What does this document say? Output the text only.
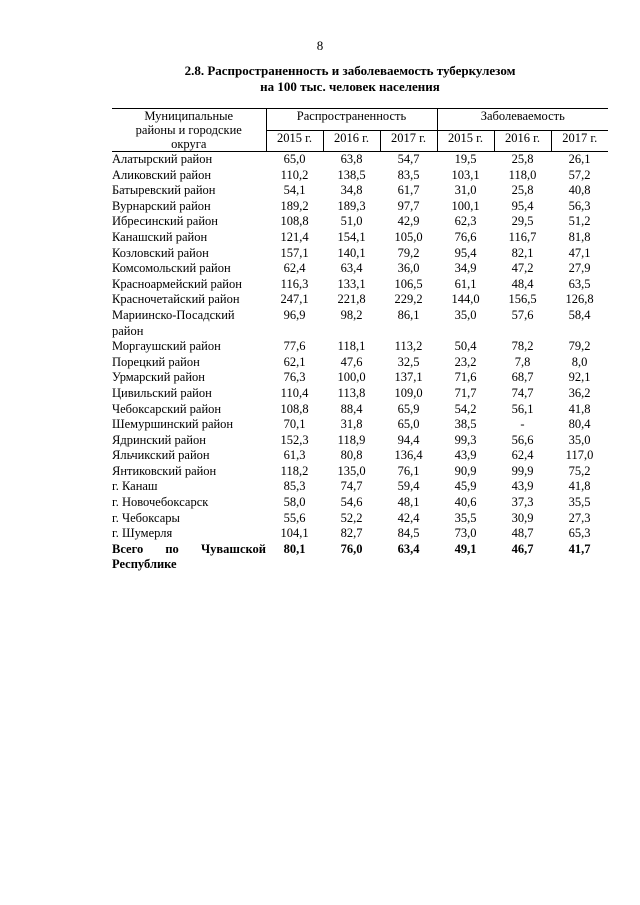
8
2.8. Распространенность и заболеваемость туберкулезом
на 100 тыс. человек населения
Муниципальные
районы и городские
округа	Распространенность			Заболеваемость		
	2015 г.	2016 г.	2017 г.	2015 г.	2016 г.	2017 г.

Алатырский район	65,0	63,8	54,7	19,5	25,8	26,1

Аликовский район	110,2	138,5	83,5	103,1	118,0	57,2

Батыревский район	54,1	34,8	61,7	31,0	25,8	40,8

Вурнарский район	189,2	189,3	97,7	100,1	95,4	56,3

Ибресинский район	108,8	51,0	42,9	62,3	29,5	51,2

Канашский район	121,4	154,1	105,0	76,6	116,7	81,8

Козловский район	157,1	140,1	79,2	95,4	82,1	47,1

Комсомольский район	62,4	63,4	36,0	34,9	47,2	27,9

Красноармейский район	116,3	133,1	106,5	61,1	48,4	63,5

Красночетайский район	247,1	221,8	229,2	144,0	156,5	126,8

Мариинско-Посадский
район	96,9	98,2	86,1	35,0	57,6	58,4

Моргаушский район	77,6	118,1	113,2	50,4	78,2	79,2

Порецкий район	62,1	47,6	32,5	23,2	7,8	8,0

Урмарский район	76,3	100,0	137,1	71,6	68,7	92,1

Цивильский район	110,4	113,8	109,0	71,7	74,7	36,2

Чебоксарский район	108,8	88,4	65,9	54,2	56,1	41,8

Шемуршинский район	70,1	31,8	65,0	38,5	-	80,4

Ядринский район	152,3	118,9	94,4	99,3	56,6	35,0

Яльчикский район	61,3	80,8	136,4	43,9	62,4	117,0

Янтиковский район	118,2	135,0	76,1	90,9	99,9	75,2

г. Канаш	85,3	74,7	59,4	45,9	43,9	41,8

г. Новочебоксарск	58,0	54,6	48,1	40,6	37,3	35,5

г. Чебоксары	55,6	52,2	42,4	35,5	30,9	27,3

г. Шумерля	104,1	82,7	84,5	73,0	48,7	65,3

Всего по Чувашской
Республике	80,1	76,0	63,4	49,1	46,7	41,7
